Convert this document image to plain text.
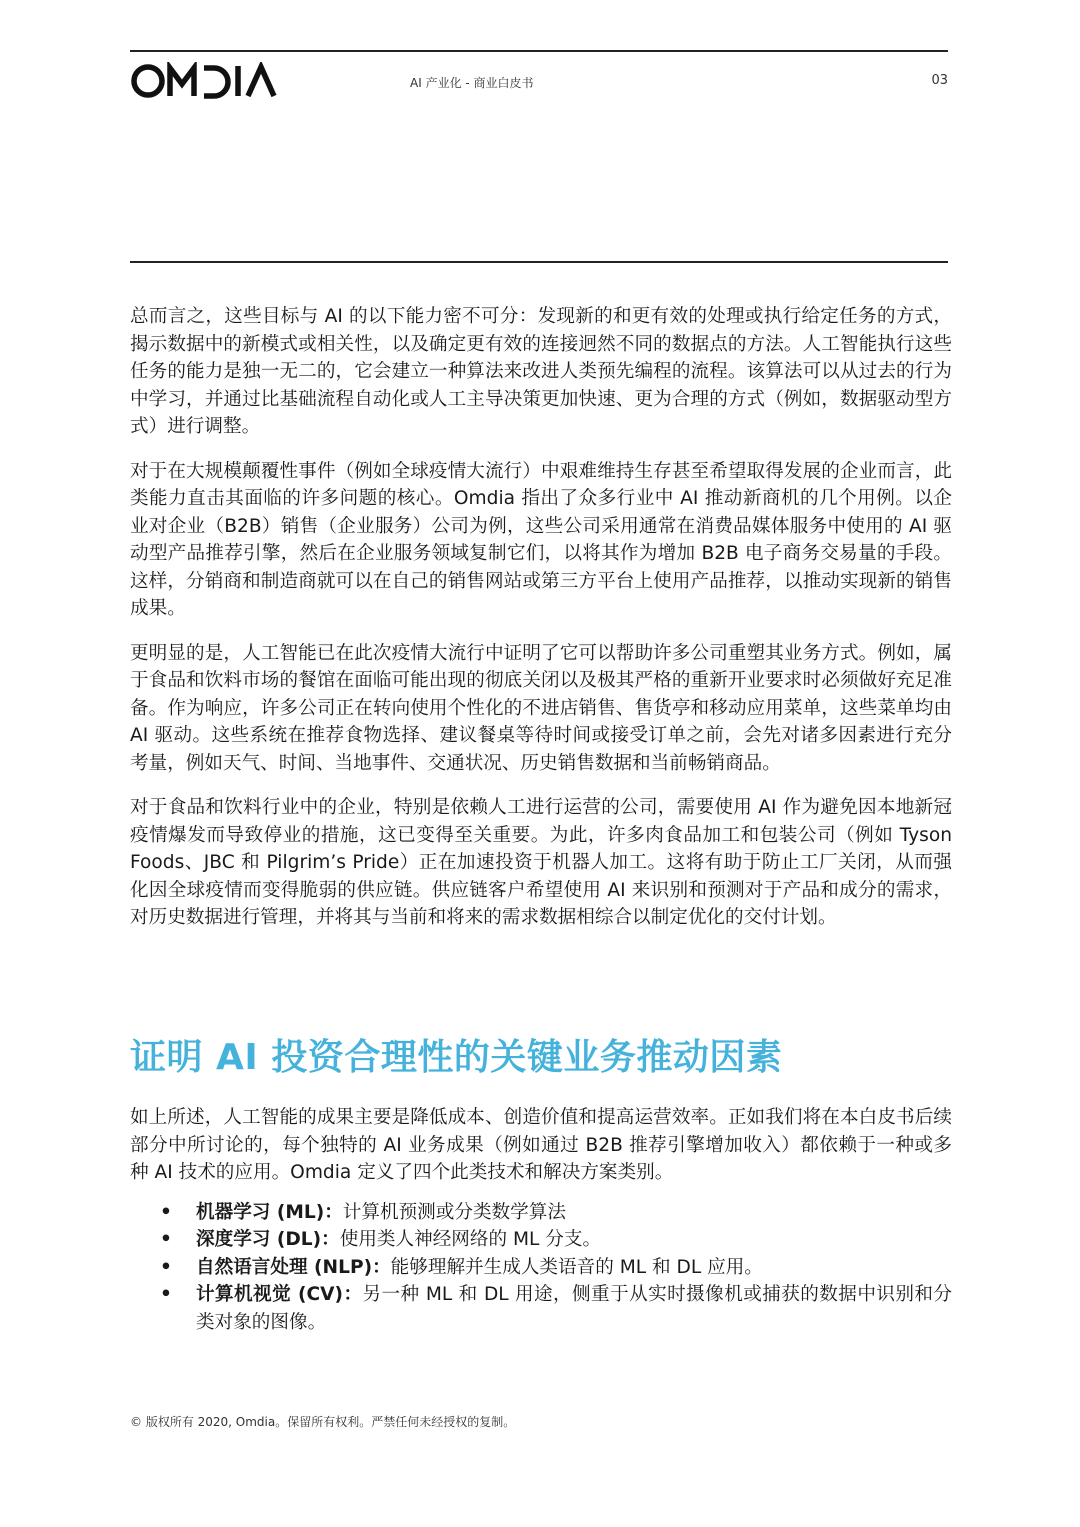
AI 产业化 - 商业白皮书	03

总而言之，这些目标与 AI 的以下能力密不可分：发现新的和更有效的处理或执行给定任务的方式，揭示数据中的新模式或相关性，以及确定更有效的连接迥然不同的数据点的方法。人工智能执行这些任务的能力是独一无二的，它会建立一种算法来改进人类预先编程的流程。该算法可以从过去的行为中学习，并通过比基础流程自动化或人工主导决策更加快速、更为合理的方式（例如，数据驱动型方式）进行调整。

对于在大规模颠覆性事件（例如全球疫情大流行）中艰难维持生存甚至希望取得发展的企业而言，此类能力直击其面临的许多问题的核心。Omdia 指出了众多行业中 AI 推动新商机的几个用例。以企业对企业（B2B）销售（企业服务）公司为例，这些公司采用通常在消费品媒体服务中使用的 AI 驱动型产品推荐引擎，然后在企业服务领域复制它们，以将其作为增加 B2B 电子商务交易量的手段。这样，分销商和制造商就可以在自己的销售网站或第三方平台上使用产品推荐，以推动实现新的销售成果。

更明显的是，人工智能已在此次疫情大流行中证明了它可以帮助许多公司重塑其业务方式。例如，属于食品和饮料市场的餐馆在面临可能出现的彻底关闭以及极其严格的重新开业要求时必须做好充足准备。作为响应，许多公司正在转向使用个性化的不进店销售、售货亭和移动应用菜单，这些菜单均由 AI 驱动。这些系统在推荐食物选择、建议餐桌等待时间或接受订单之前，会先对诸多因素进行充分考量，例如天气、时间、当地事件、交通状况、历史销售数据和当前畅销商品。

对于食品和饮料行业中的企业，特别是依赖人工进行运营的公司，需要使用 AI 作为避免因本地新冠疫情爆发而导致停业的措施，这已变得至关重要。为此，许多肉食品加工和包装公司（例如 Tyson Foods、JBC 和 Pilgrim’s Pride）正在加速投资于机器人加工。这将有助于防止工厂关闭，从而强化因全球疫情而变得脆弱的供应链。供应链客户希望使用 AI 来识别和预测对于产品和成分的需求，对历史数据进行管理，并将其与当前和将来的需求数据相综合以制定优化的交付计划。

证明 AI 投资合理性的关键业务推动因素

如上所述，人工智能的成果主要是降低成本、创造价值和提高运营效率。正如我们将在本白皮书后续部分中所讨论的，每个独特的 AI 业务成果（例如通过 B2B 推荐引擎增加收入）都依赖于一种或多种 AI 技术的应用。Omdia 定义了四个此类技术和解决方案类别。

• 机器学习 (ML)：计算机预测或分类数学算法
• 深度学习 (DL)：使用类人神经网络的 ML 分支。
• 自然语言处理 (NLP)：能够理解并生成人类语音的 ML 和 DL 应用。
• 计算机视觉 (CV)：另一种 ML 和 DL 用途，侧重于从实时摄像机或捕获的数据中识别和分类对象的图像。
© 版权所有 2020, Omdia。保留所有权利。严禁任何未经授权的复制。
